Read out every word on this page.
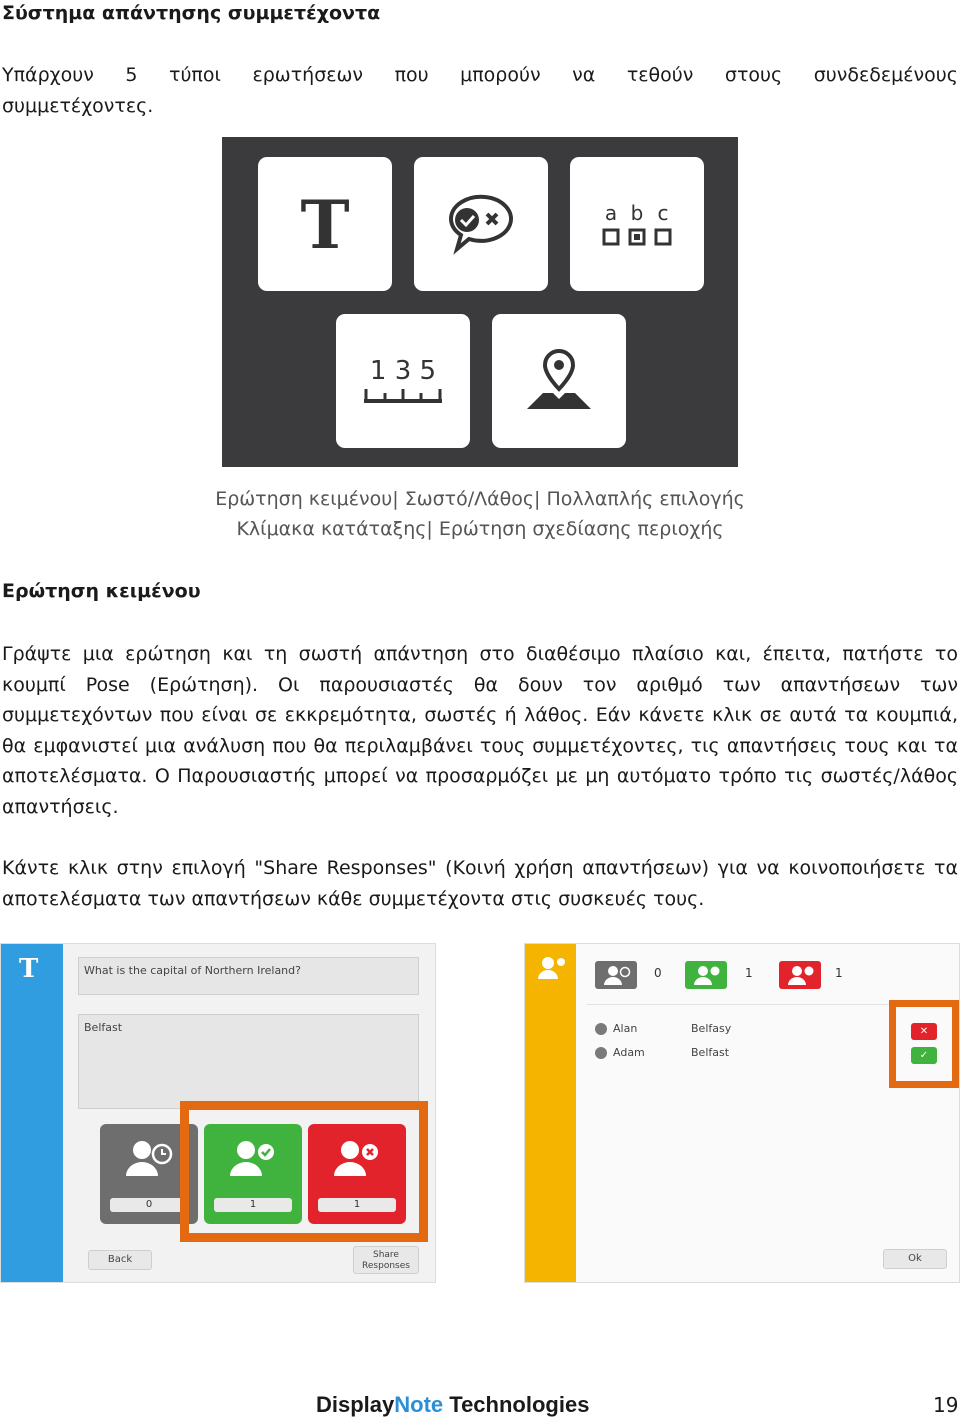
Σύστημα απάντησης συμμετέχοντα
Υπάρχουν 5 τύποι ερωτήσεων που μπορούν να τεθούν στους συνδεδεμένους
συμμετέχοντες.
T	a b c
1 3 5
Ερώτηση κειμένου| Σωστό/Λάθος| Πολλαπλής επιλογής
Κλίμακα κατάταξης| Ερώτηση σχεδίασης περιοχής
Ερώτηση κειμένου
Γράψτε μια ερώτηση και τη σωστή απάντηση στο διαθέσιμο πλαίσιο και, έπειτα, πατήστε το κουμπί Pose (Ερώτηση). Οι παρουσιαστές θα δουν τον αριθμό των απαντήσεων των συμμετεχόντων που είναι σε εκκρεμότητα, σωστές ή λάθος. Εάν κάνετε κλικ σε αυτά τα κουμπιά, θα εμφανιστεί μια ανάλυση που θα περιλαμβάνει τους συμμετέχοντες, τις απαντήσεις τους και τα αποτελέσματα. Ο Παρουσιαστής μπορεί να προσαρμόζει με μη αυτόματο τρόπο τις σωστές/λάθος απαντήσεις.
Κάντε κλικ στην επιλογή "Share Responses" (Κοινή χρήση απαντήσεων) για να κοινοποιήσετε τα αποτελέσματα των απαντήσεων κάθε συμμετέχοντα στις συσκευές τους.
T	What is the capital of Northern Ireland?
Belfast
0	1	1
Back	Share
Responses
0	1	1
Alan	Belfasy
Adam	Belfast
✕
✓
Ok
DisplayNote Technologies	19
